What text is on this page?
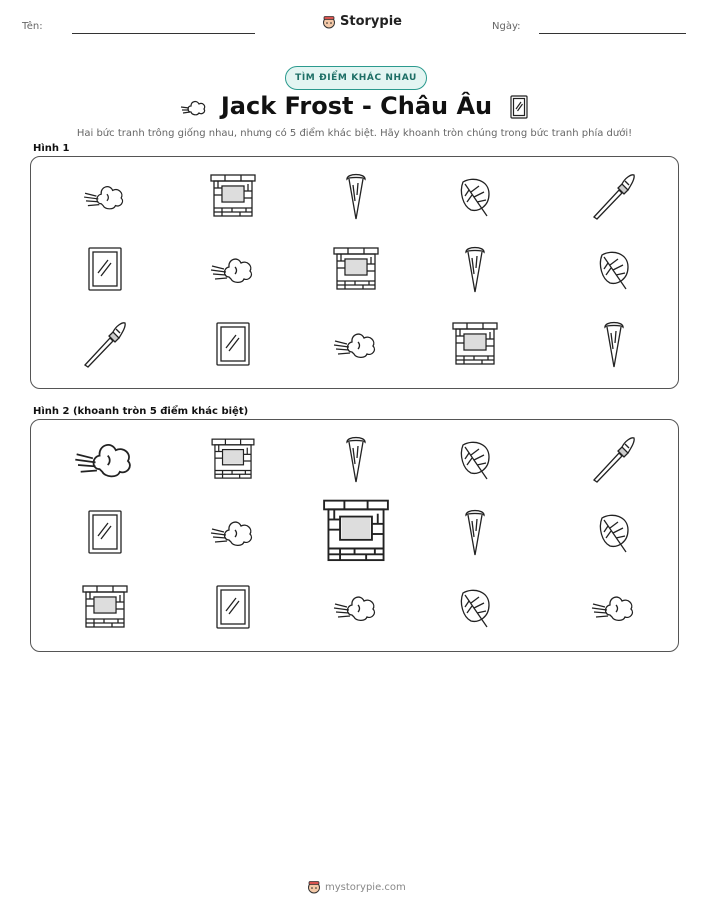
Tên:	Ngày:
Storypie
TÌM ĐIỂM KHÁC NHAU
Jack Frost - Châu Âu
Hai bức tranh trông giống nhau, nhưng có 5 điểm khác biệt. Hãy khoanh tròn chúng trong bức tranh phía dưới!
Hình 1
Hình 2 (khoanh tròn 5 điểm khác biệt)
mystorypie.com
